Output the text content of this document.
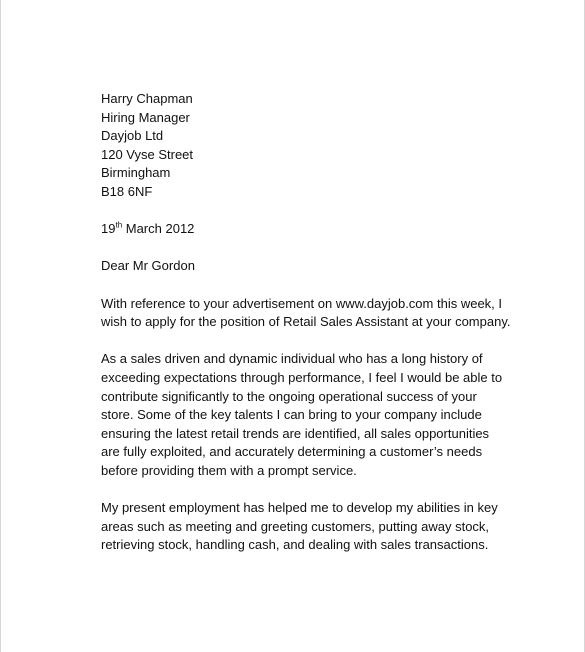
Harry Chapman
Hiring Manager
Dayjob Ltd
120 Vyse Street
Birmingham
B18 6NF
19th March 2012
Dear Mr Gordon
With reference to your advertisement on www.dayjob.com this week, I
wish to apply for the position of Retail Sales Assistant at your company.
As a sales driven and dynamic individual who has a long history of
exceeding expectations through performance, I feel I would be able to
contribute significantly to the ongoing operational success of your
store. Some of the key talents I can bring to your company include
ensuring the latest retail trends are identified, all sales opportunities
are fully exploited, and accurately determining a customer’s needs
before providing them with a prompt service.
My present employment has helped me to develop my abilities in key
areas such as meeting and greeting customers, putting away stock,
retrieving stock, handling cash, and dealing with sales transactions.
